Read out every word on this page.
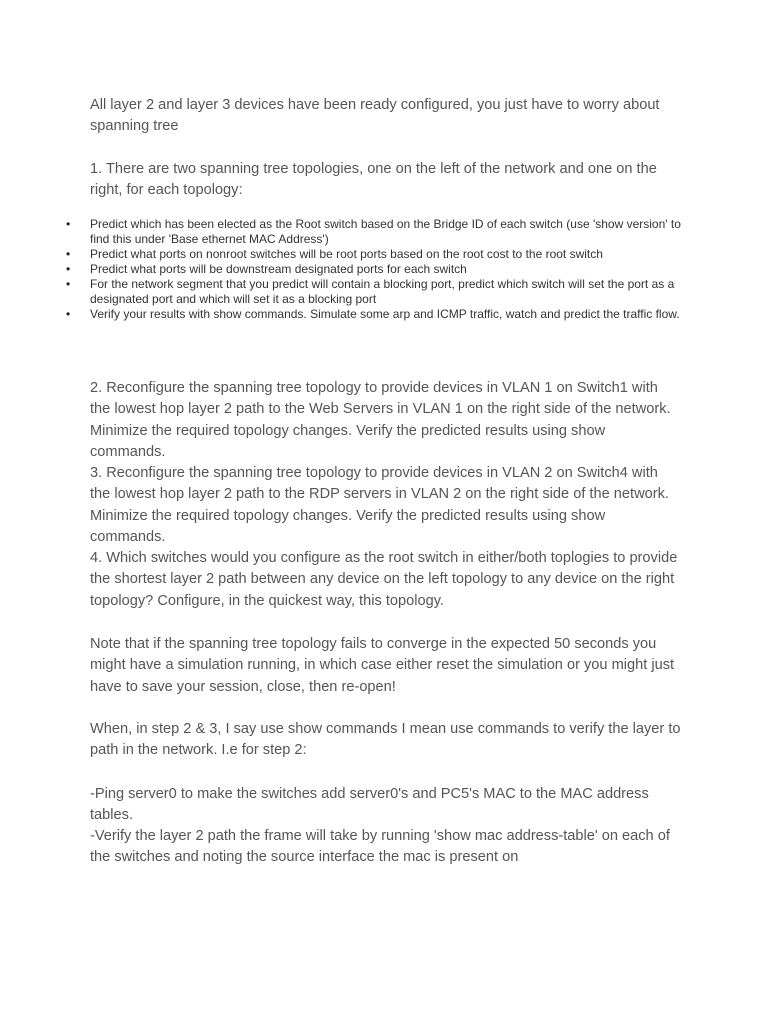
All layer 2 and layer 3 devices have been ready configured, you just have to worry about spanning tree

1. There are two spanning tree topologies, one on the left of the network and one on the right, for each topology:

• Predict which has been elected as the Root switch based on the Bridge ID of each switch (use 'show version' to find this under 'Base ethernet MAC Address')
• Predict what ports on nonroot switches will be root ports based on the root cost to the root switch
• Predict what ports will be downstream designated ports for each switch
• For the network segment that you predict will contain a blocking port, predict which switch will set the port as a designated port and which will set it as a blocking port
• Verify your results with show commands. Simulate some arp and ICMP traffic, watch and predict the traffic flow.

2. Reconfigure the spanning tree topology to provide devices in VLAN 1 on Switch1 with the lowest hop layer 2 path to the Web Servers in VLAN 1 on the right side of the network. Minimize the required topology changes. Verify the predicted results using show commands.

3. Reconfigure the spanning tree topology to provide devices in VLAN 2 on Switch4 with the lowest hop layer 2 path to the RDP servers in VLAN 2 on the right side of the network. Minimize the required topology changes. Verify the predicted results using show commands.

4. Which switches would you configure as the root switch in either/both toplogies to provide the shortest layer 2 path between any device on the left topology to any device on the right topology? Configure, in the quickest way, this topology.

Note that if the spanning tree topology fails to converge in the expected 50 seconds you might have a simulation running, in which case either reset the simulation or you might just have to save your session, close, then re-open!

When, in step 2 & 3, I say use show commands I mean use commands to verify the layer to path in the network. I.e for step 2:

-Ping server0 to make the switches add server0's and PC5's MAC to the MAC address tables.

-Verify the layer 2 path the frame will take by running 'show mac address-table' on each of the switches and noting the source interface the mac is present on
